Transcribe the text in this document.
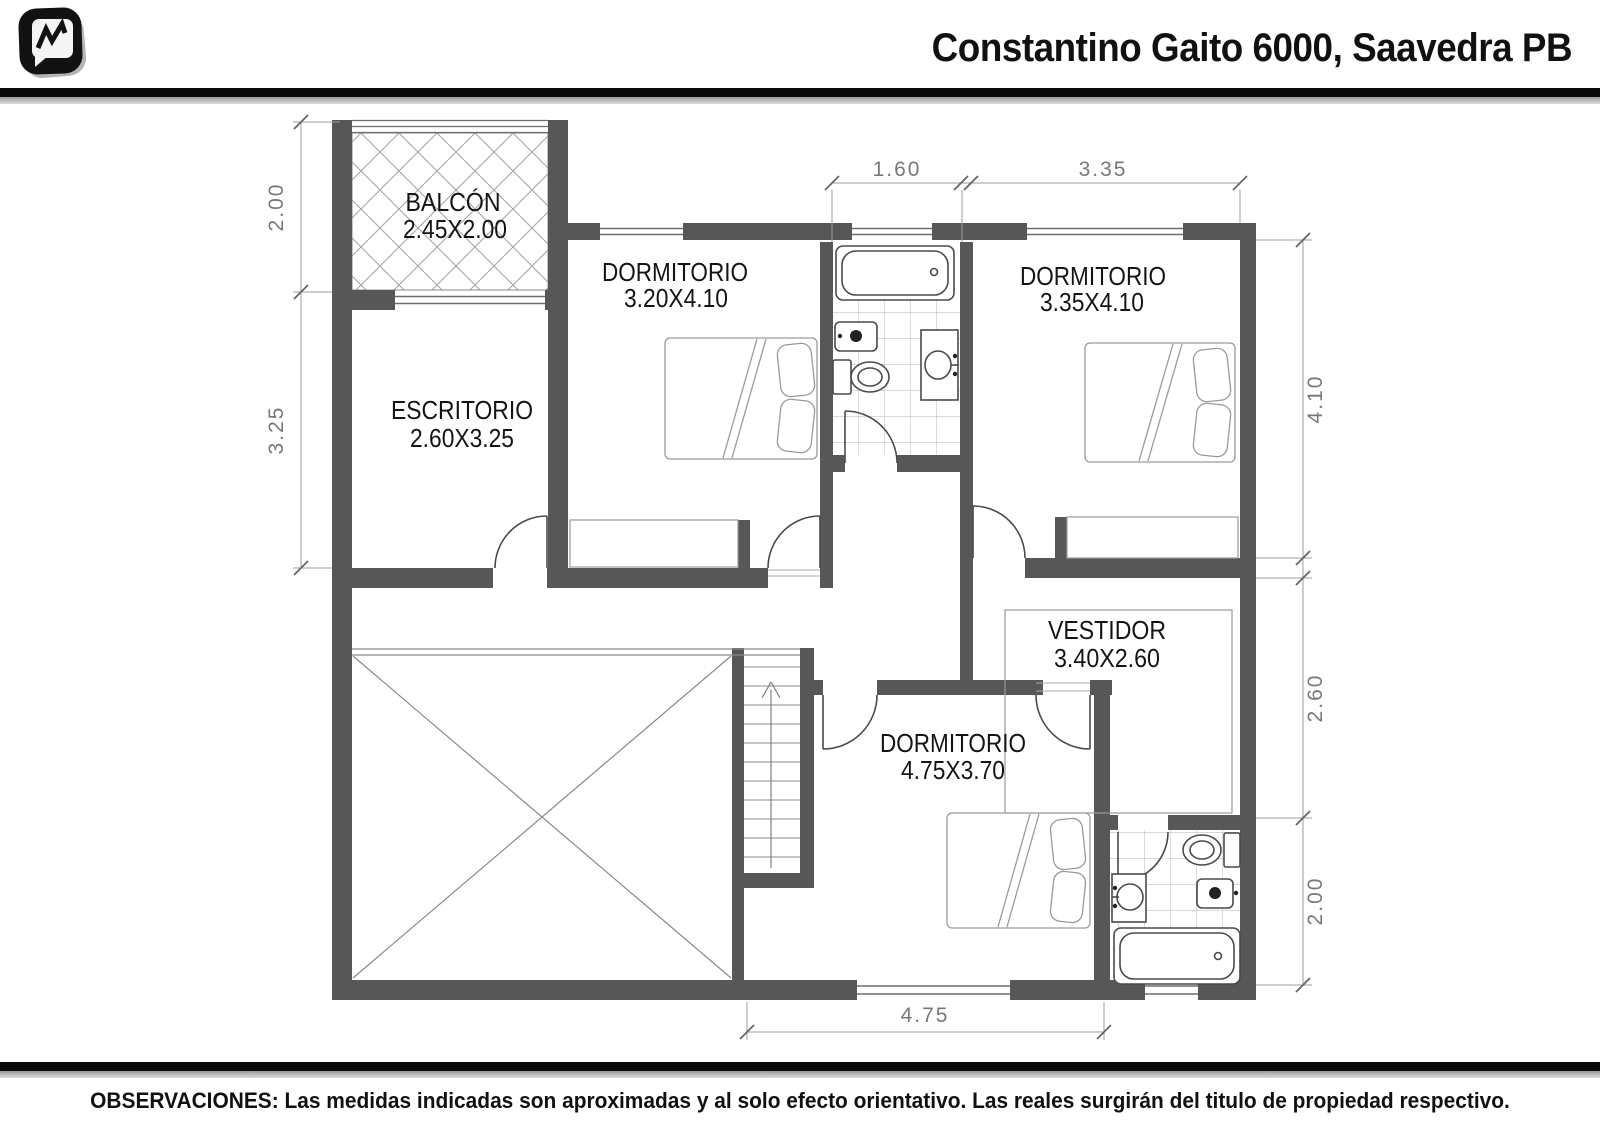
Constantino Gaito 6000, Saavedra PB
2.00
3.25
1.60	3.35
4.10
2.60
2.00
4.75
BALCÓN
2.45X2.00
ESCRITORIO
2.60X3.25
DORMITORIO
3.20X4.10
DORMITORIO
3.35X4.10
VESTIDOR
3.40X2.60
DORMITORIO
4.75X3.70
OBSERVACIONES: Las medidas indicadas son aproximadas y al solo efecto orientativo. Las reales surgirán del titulo de propiedad respectivo.
